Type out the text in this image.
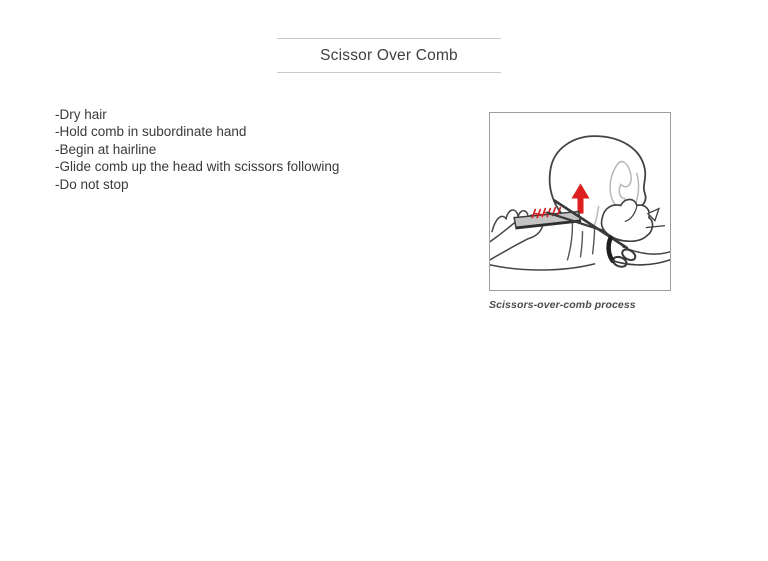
Scissor Over Comb
-Dry hair
-Hold comb in subordinate hand
-Begin at hairline
-Glide comb up the head with scissors following
-Do not stop
Scissors-over-comb process
